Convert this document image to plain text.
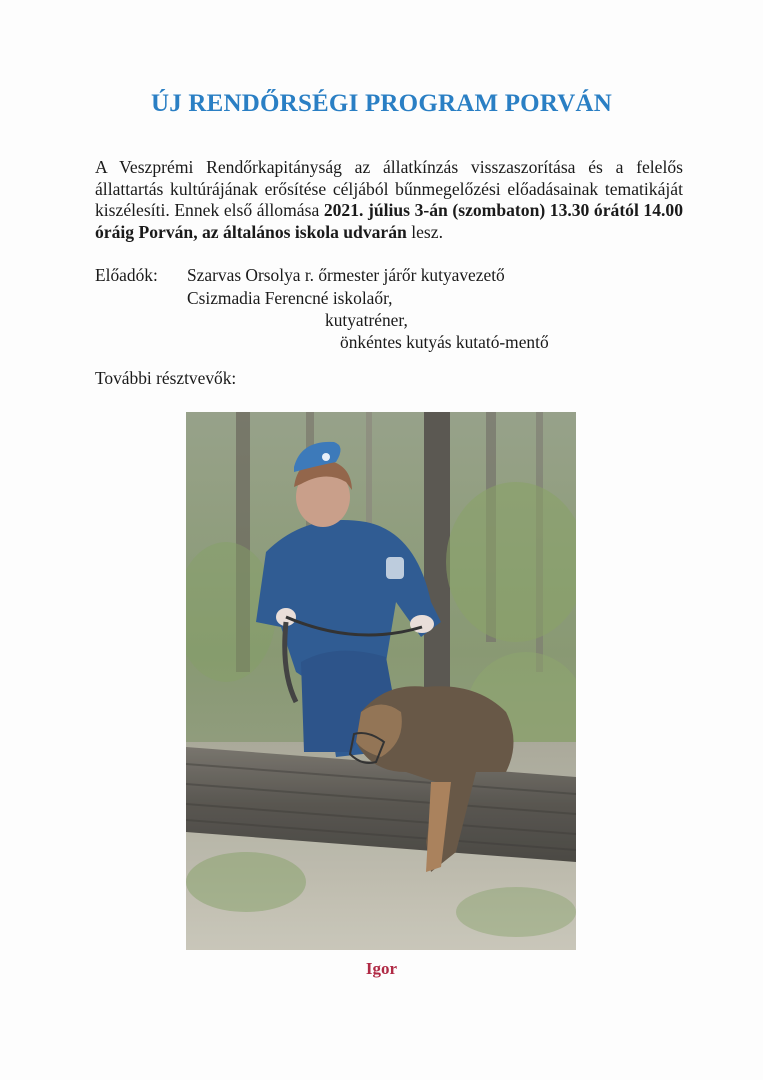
ÚJ RENDŐRSÉGI PROGRAM PORVÁN
A Veszprémi Rendőrkapitányság az állatkínzás visszaszorítása és a felelős állattartás kultúrájának erősítése céljából bűnmegelőzési előadásainak tematikáját kiszélesíti. Ennek első állomása 2021. július 3-án (szombaton) 13.30 órától 14.00 óráig Porván, az általános iskola udvarán lesz.
Előadók: Szarvas Orsolya r. őrmester járőr kutyavezető
Csizmadia Ferencné iskolaőr,
kutyatréner,
önkéntes kutyás kutató-mentő
További résztvevők:
Igor
